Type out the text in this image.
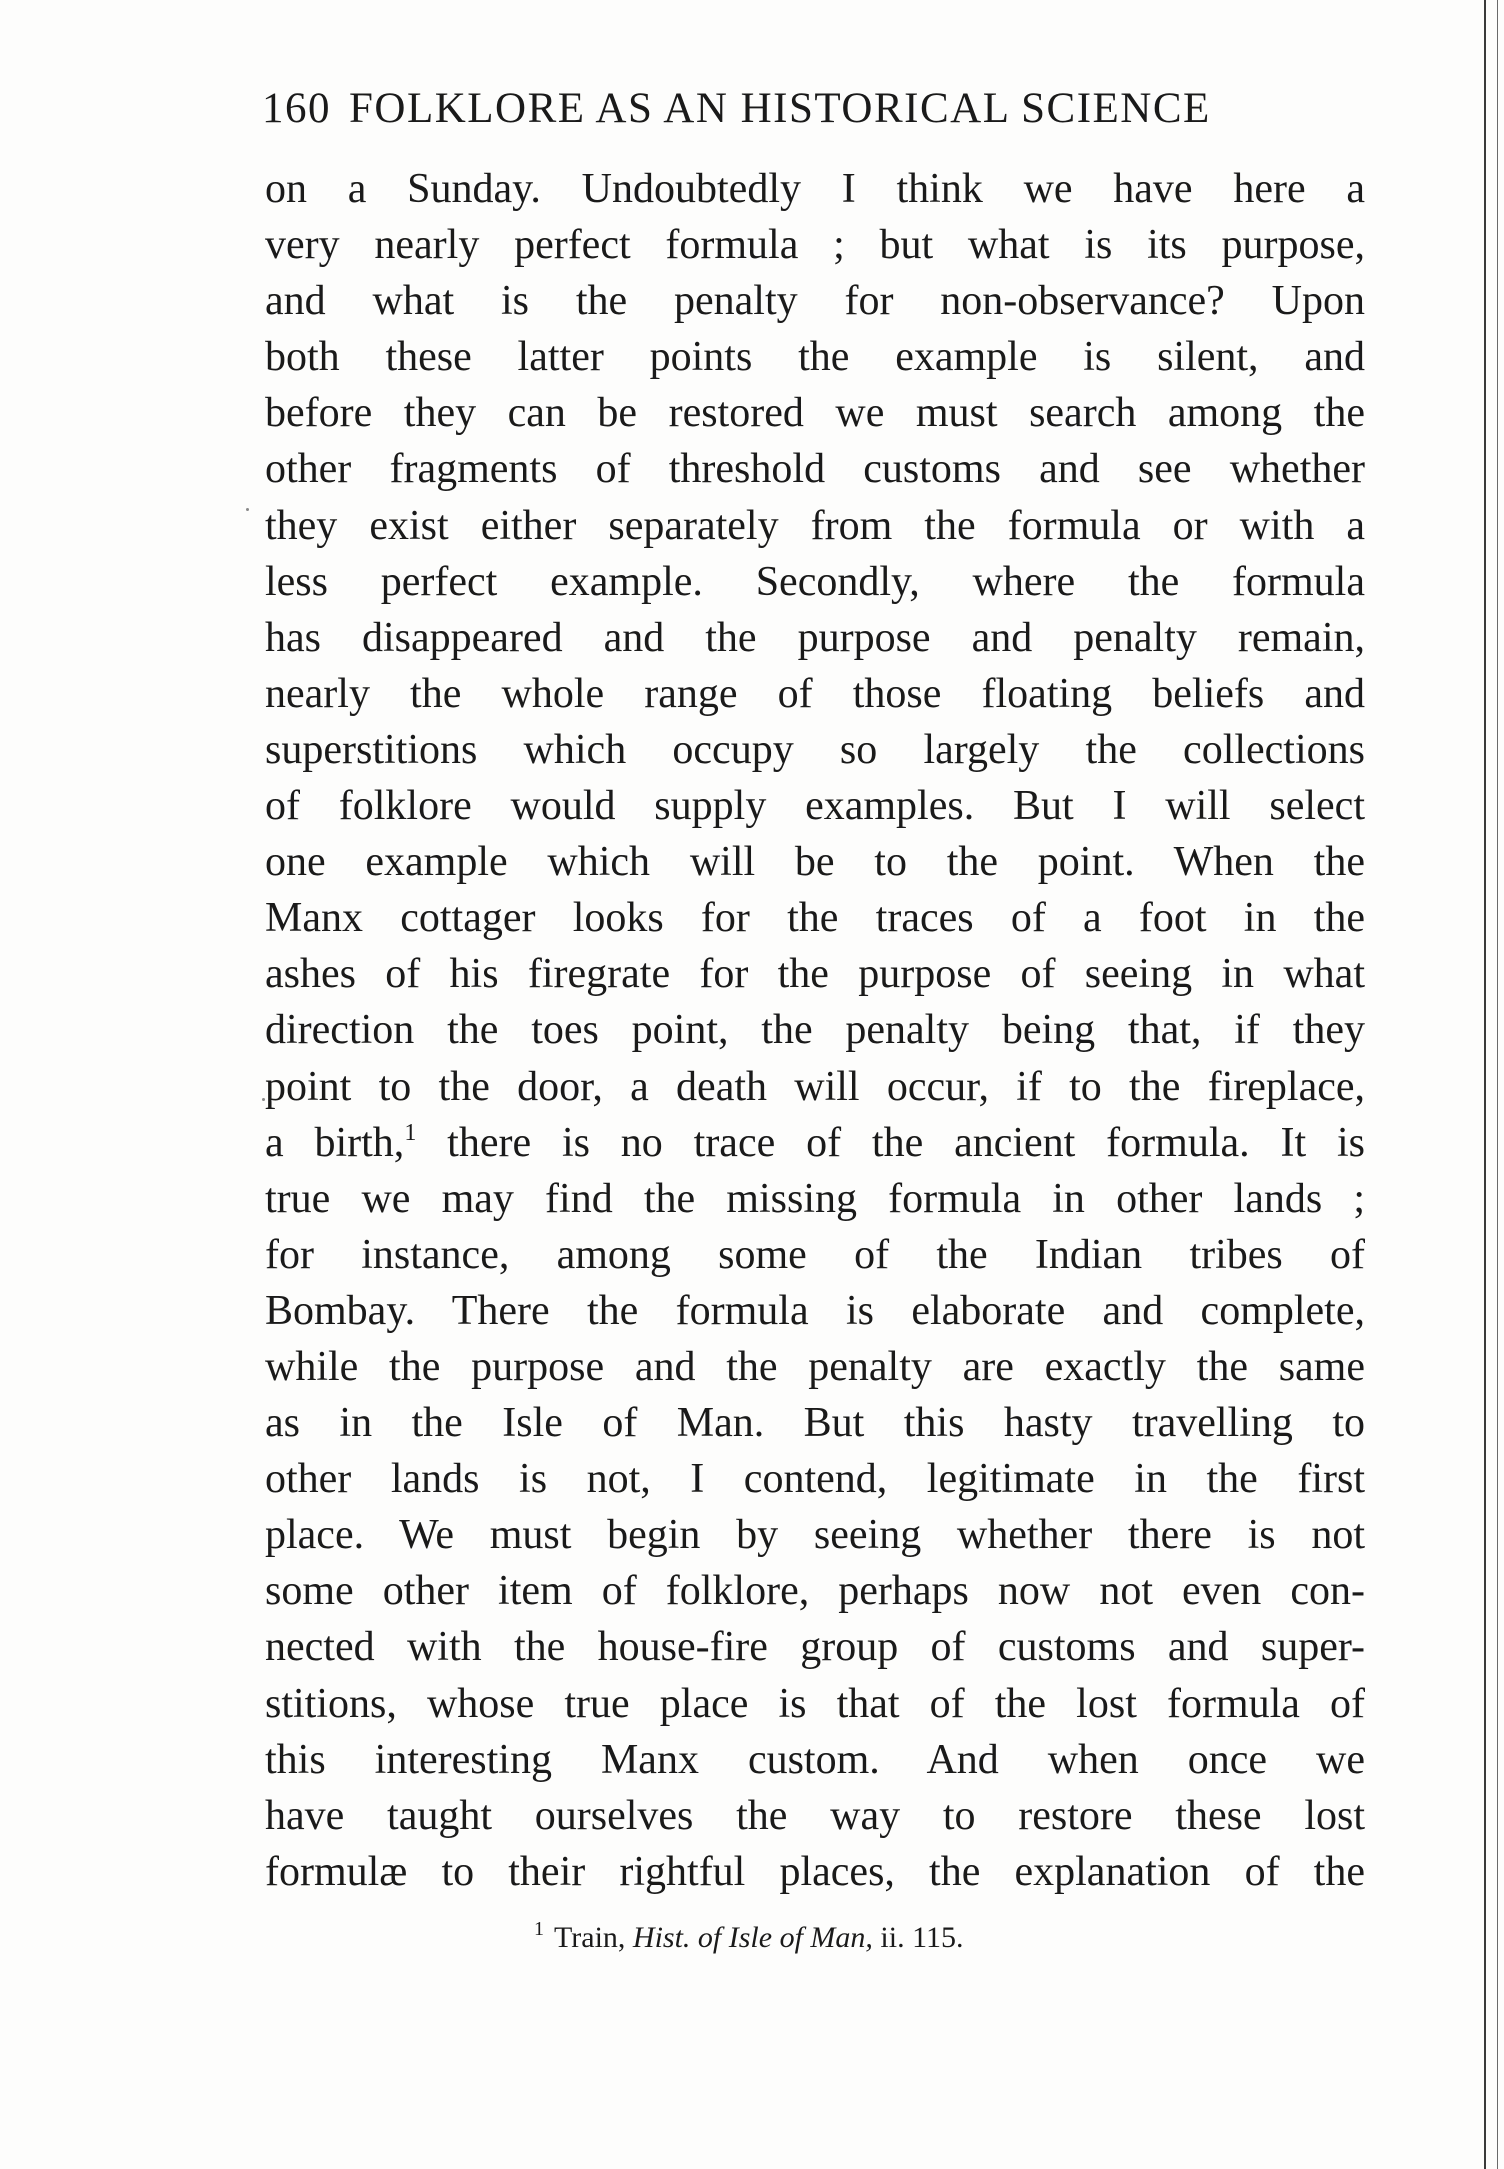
160 FOLKLORE AS AN HISTORICAL SCIENCE
on a Sunday. Undoubtedly I think we have here a
very nearly perfect formula ; but what is its purpose,
and what is the penalty for non-observance? Upon
both these latter points the example is silent, and
before they can be restored we must search among the
other fragments of threshold customs and see whether
they exist either separately from the formula or with a
less perfect example. Secondly, where the formula
has disappeared and the purpose and penalty remain,
nearly the whole range of those floating beliefs and
superstitions which occupy so largely the collections
of folklore would supply examples. But I will select
one example which will be to the point. When the
Manx cottager looks for the traces of a foot in the
ashes of his firegrate for the purpose of seeing in what
direction the toes point, the penalty being that, if they
point to the door, a death will occur, if to the fireplace,
a birth,$^1$ there is no trace of the ancient formula. It is
true we may find the missing formula in other lands ;
for instance, among some of the Indian tribes of
Bombay. There the formula is elaborate and complete,
while the purpose and the penalty are exactly the same
as in the Isle of Man. But this hasty travelling to
other lands is not, I contend, legitimate in the first
place. We must begin by seeing whether there is not
some other item of folklore, perhaps now not even con-
nected with the house-fire group of customs and super-
stitions, whose true place is that of the lost formula of
this interesting Manx custom. And when once we
have taught ourselves the way to restore these lost
formulæ to their rightful places, the explanation of the
$^1$ Train, Hist. of Isle of Man, ii. 115.
